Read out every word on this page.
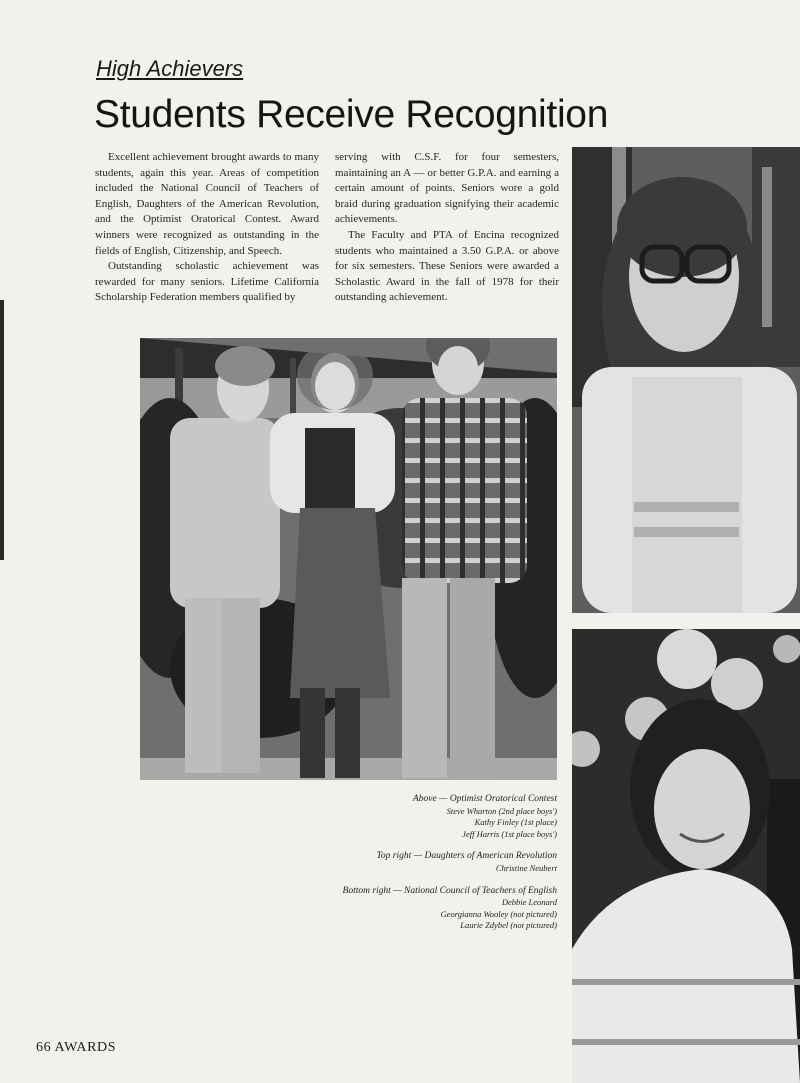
High Achievers
Students Receive Recognition

Excellent achievement brought awards to many students, again this year. Areas of competition included the National Council of Teachers of English, Daughters of the American Revolution, and the Optimist Oratorical Contest. Award winners were recognized as outstanding in the fields of English, Citizenship, and Speech.

Outstanding scholastic achievement was rewarded for many seniors. Lifetime California Scholarship Federation members qualified by

serving with C.S.F. for four semesters, maintaining an A — or better G.P.A. and earning a certain amount of points. Seniors wore a gold braid during graduation signifying their academic achievements.

The Faculty and PTA of Encina recognized students who maintained a 3.50 G.P.A. or above for six semesters. These Seniors were awarded a Scholastic Award in the fall of 1978 for their outstanding achievement.

Above — Optimist Oratorical Contest
Steve Wharton (2nd place boys')
Kathy Finley (1st place)
Jeff Harris (1st place boys')
Top right — Daughters of American Revolution
Christine Neubert
Bottom right — National Council of Teachers of English
Debbie Leonard
Georgianna Wooley (not pictured)
Laurie Zdybel (not pictured)
66 AWARDS
